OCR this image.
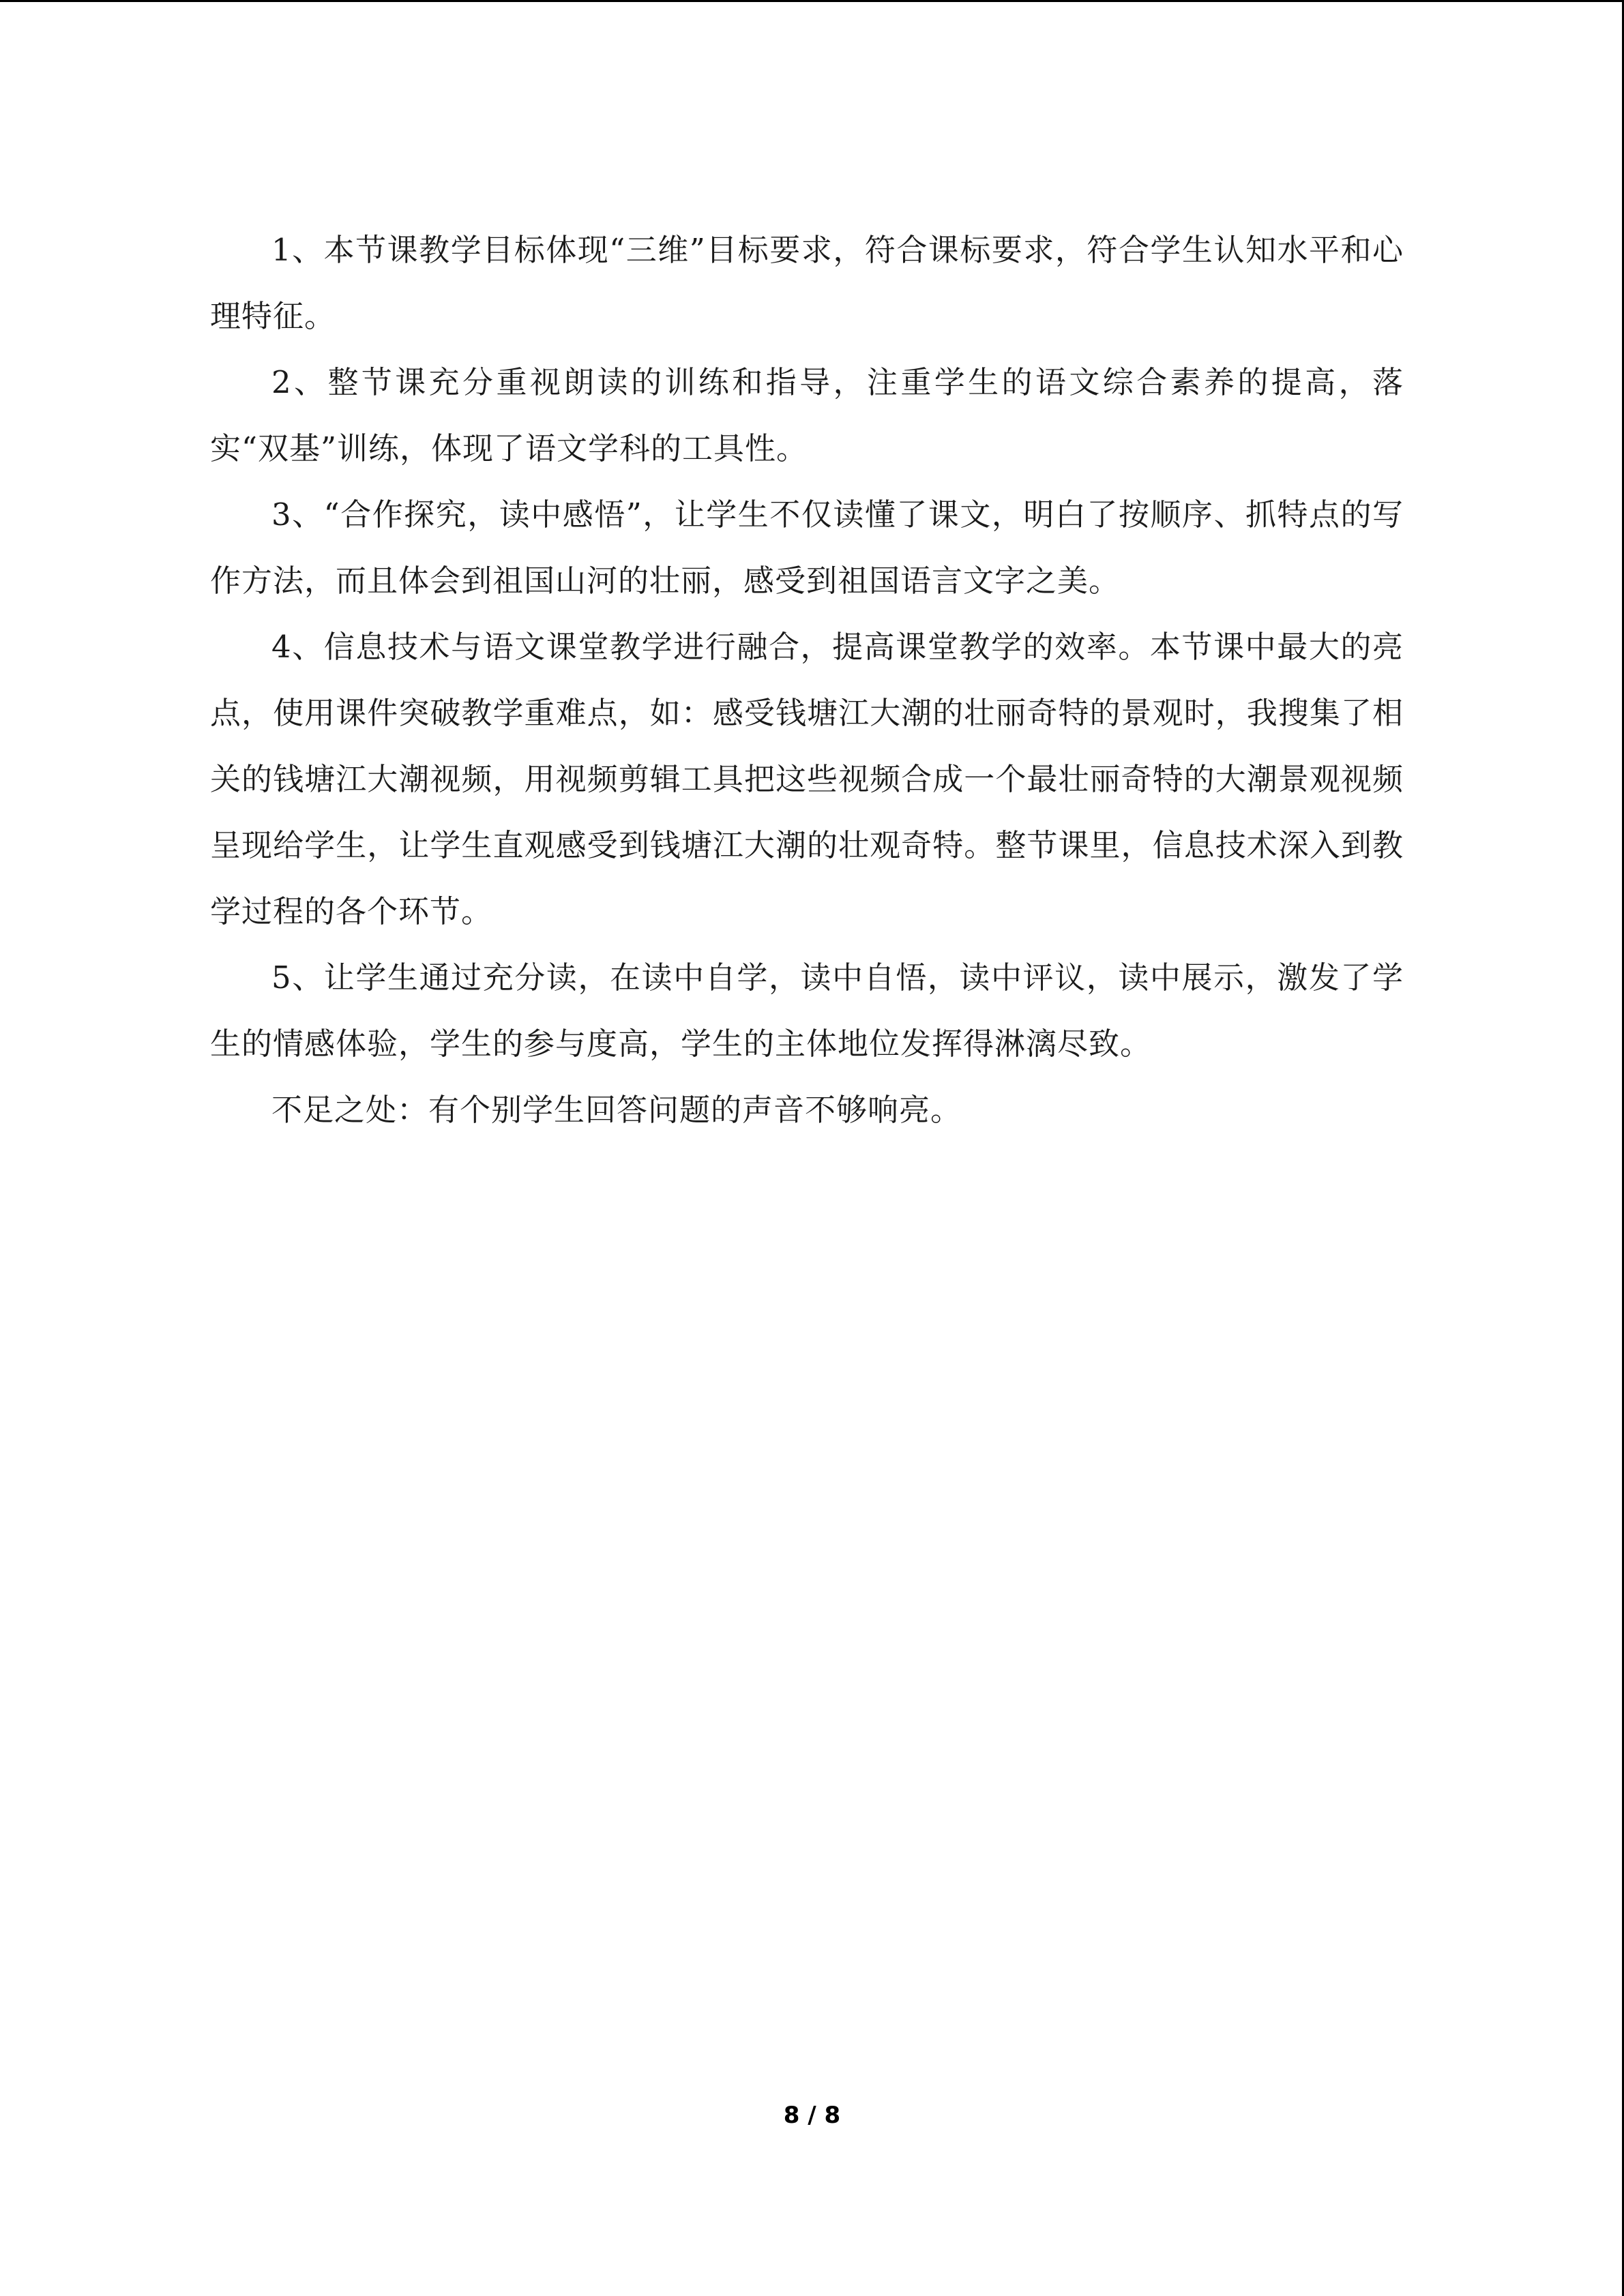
1、本节课教学目标体现“三维”目标要求，符合课标要求，符合学生认知水平和心理特征。

2、整节课充分重视朗读的训练和指导，注重学生的语文综合素养的提高，落实“双基”训练，体现了语文学科的工具性。

3、“合作探究，读中感悟”，让学生不仅读懂了课文，明白了按顺序、抓特点的写作方法，而且体会到祖国山河的壮丽，感受到祖国语言文字之美。

4、信息技术与语文课堂教学进行融合，提高课堂教学的效率。本节课中最大的亮点，使用课件突破教学重难点，如：感受钱塘江大潮的壮丽奇特的景观时，我搜集了相关的钱塘江大潮视频，用视频剪辑工具把这些视频合成一个最壮丽奇特的大潮景观视频呈现给学生，让学生直观感受到钱塘江大潮的壮观奇特。整节课里，信息技术深入到教学过程的各个环节。

5、让学生通过充分读，在读中自学，读中自悟，读中评议，读中展示，激发了学生的情感体验，学生的参与度高，学生的主体地位发挥得淋漓尽致。

不足之处：有个别学生回答问题的声音不够响亮。

8 / 8
